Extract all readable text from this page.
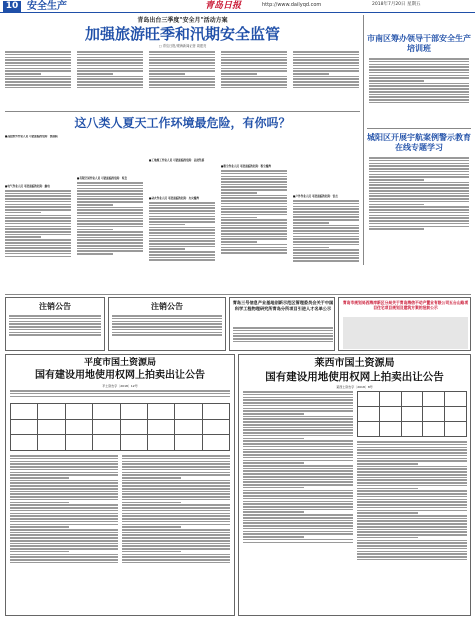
10 安全生产	青岛日报	http://www.dailyqd.com	2018年7月20日 星期五
青岛出台三季度"安全月"活动方案
加强旅游旺季和汛期安全监管
□ 青岛日报/观海新闻记者 周建亮
市南区筹办领导干部安全生产培训班
城阳区开展宇航案例警示教育在线专题学习
这八类人夏天工作环境最危险，有你吗？
■高温野外作业人员 可能面临的危险：热射病
■电气作业人员 可能面临的危险：触电
■有限空间作业人员 可能面临的危险：窒息
■工地施工作业人员 可能面临的危险：高处坠落
■动火作业人员 可能面临的危险：火灾爆炸
■粉尘作业人员 可能面临的危险：粉尘爆炸
■户外作业人员 可能面临的危险：雷击
注销公告	注销公告	青岛三号信息产业基地创新示范区管理委员会关于中国科学工程物理研究所青岛分所项目引进人才名单公示
青岛市规划局西海岸新区分局关于青岛海信不动产置业有限公司五台山路项目住宅项目规划及建筑方案的批前公示
平度市国土资源局
国有建设用地使用权网上拍卖出让公告
平土资告字〔2018〕12号

莱西市国土资源局
国有建设用地使用权网上拍卖出让公告
莱西土资告字〔2018〕8号
